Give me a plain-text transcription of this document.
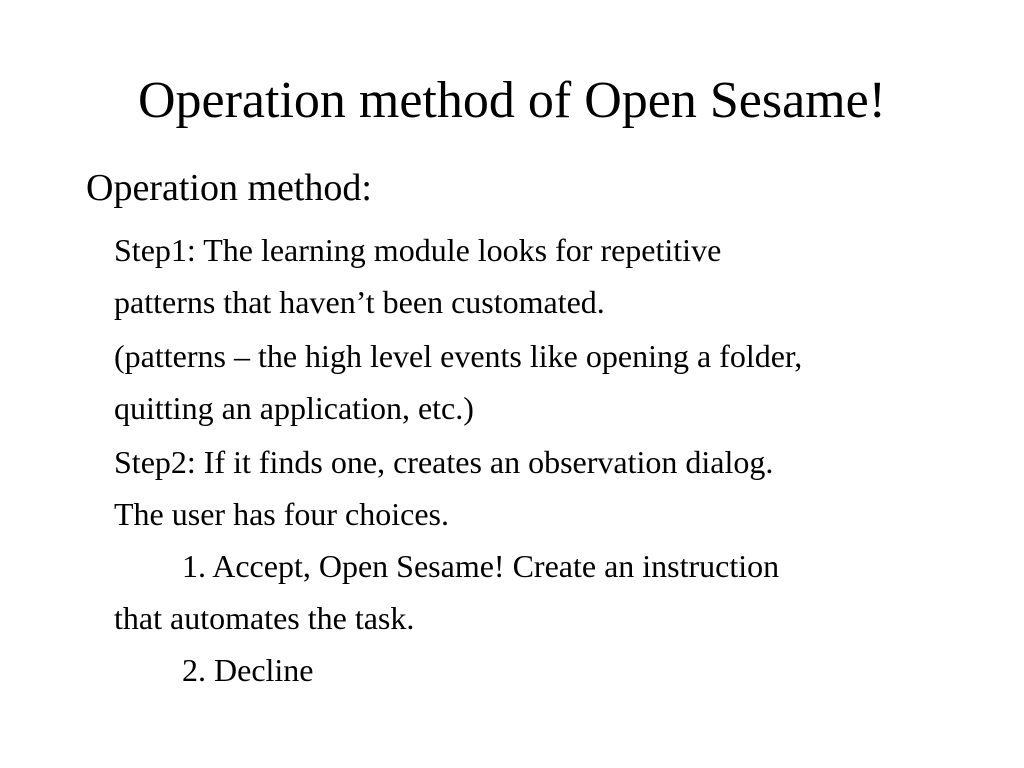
Operation method of Open Sesame!
Operation method:
Step1: The learning module looks for repetitive
patterns that haven’t been customated.
(patterns – the high level events like opening a folder,
quitting an application, etc.)
Step2: If it finds one, creates an observation dialog.
The user has four choices.
1. Accept, Open Sesame! Create an instruction
that automates the task.
2. Decline
